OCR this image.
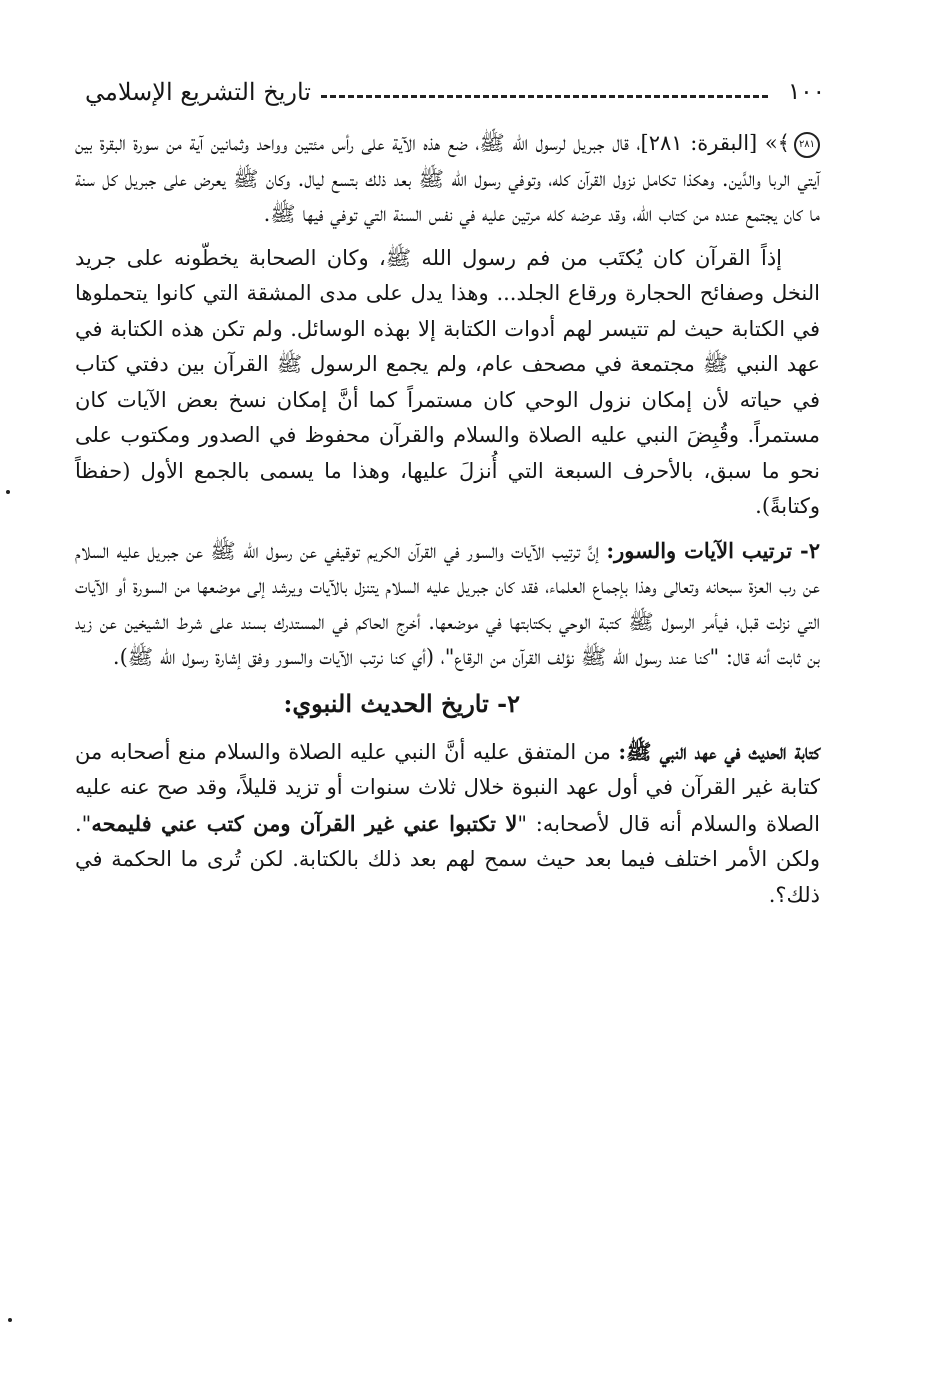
١٠٠
تاريخ التشريع الإسلامي

٢٨١﴾» [البقرة: ٢٨١]، قال جبريل لرسول الله ﷺ، ضع هذه الآية على رأس مئتين وواحد وثمانين آية من سورة البقرة بين آيتي الربا والدَّين. وهكذا تكامل نزول القرآن كله، وتوفي رسول الله ﷺ بعد ذلك بتسع ليال. وكان ﷺ يعرض على جبريل كل سنة ما كان يجتمع عنده من كتاب الله، وقد عرضه كله مرتين عليه في نفس السنة التي توفي فيها ﷺ.

إذاً القرآن كان يُكتَب من فم رسول الله ﷺ، وكان الصحابة يخطّونه على جريد النخل وصفائح الحجارة ورقاع الجلد... وهذا يدل على مدى المشقة التي كانوا يتحملوها في الكتابة حيث لم تتيسر لهم أدوات الكتابة إلا بهذه الوسائل. ولم تكن هذه الكتابة في عهد النبي ﷺ مجتمعة في مصحف عام، ولم يجمع الرسول ﷺ القرآن بين دفتي كتاب في حياته لأن إمكان نزول الوحي كان مستمراً كما أنَّ إمكان نسخ بعض الآيات كان مستمراً. وقُبِضَ النبي عليه الصلاة والسلام والقرآن محفوظ في الصدور ومكتوب على نحو ما سبق، بالأحرف السبعة التي أُنزلَ عليها، وهذا ما يسمى بالجمع الأول (حفظاً وكتابةً).

٢- ترتيب الآيات والسور: إنَّ ترتيب الآيات والسور في القرآن الكريم توقيفي عن رسول الله ﷺ عن جبريل عليه السلام عن رب العزة سبحانه وتعالى وهذا بإجماع العلماء، فقد كان جبريل عليه السلام يتنزل بالآيات ويرشد إلى موضعها من السورة أو الآيات التي نزلت قبل، فيأمر الرسول ﷺ كتبة الوحي بكتابتها في موضعها. أخرج الحاكم في المستدرك بسند على شرط الشيخين عن زيد بن ثابت أنه قال: "كنا عند رسول الله ﷺ نؤلف القرآن من الرقاع"، (أي كنا نرتب الآيات والسور وفق إشارة رسول الله ﷺ).

٢- تاريخ الحديث النبوي:

كتابة الحديث في عهد النبي ﷺ: من المتفق عليه أنَّ النبي عليه الصلاة والسلام منع أصحابه من كتابة غير القرآن في أول عهد النبوة خلال ثلاث سنوات أو تزيد قليلاً، وقد صح عنه عليه الصلاة والسلام أنه قال لأصحابه: "لا تكتبوا عني غير القرآن ومن كتب عني فليمحه". ولكن الأمر اختلف فيما بعد حيث سمح لهم بعد ذلك بالكتابة. لكن تُرى ما الحكمة في ذلك؟.
